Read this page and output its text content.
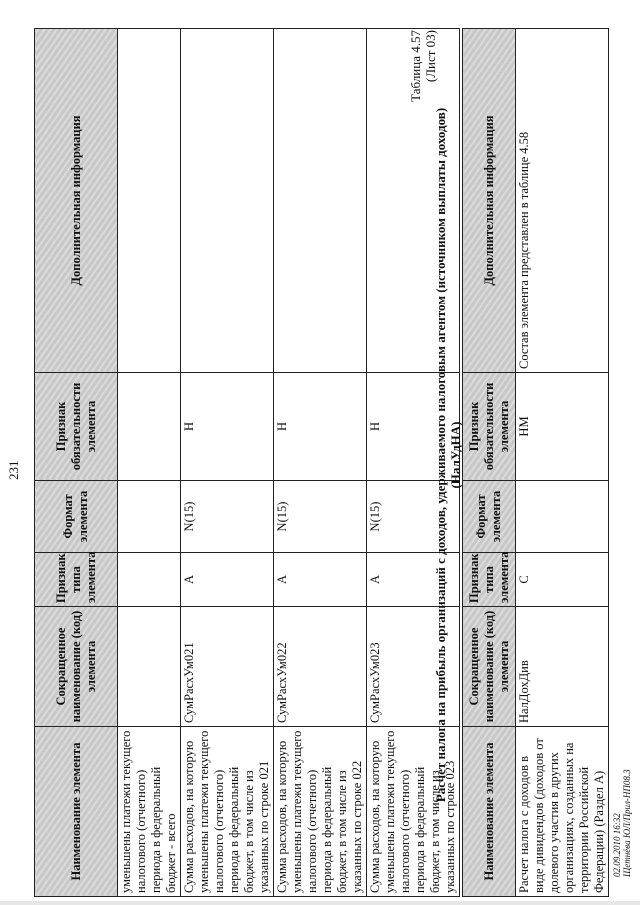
231
Наименование элемента	Сокращенное наименование (код) элемента	Признак типа элемента	Формат элемента	Признак обязательности элемента	Дополнительная информация
уменьшены платежи текущего налогового (отчетного) периода в федеральный бюджет - всего					
Сумма расходов, на которую уменьшены платежи текущего налогового (отчетного) периода в федеральный бюджет, в том числе из указанных по строке 021	СумРасхУм021	А	N(15)	Н	
Сумма расходов, на которую уменьшены платежи текущего налогового (отчетного) периода в федеральный бюджет, в том числе из указанных по строке 022	СумРасхУм022	А	N(15)	Н	
Сумма расходов, на которую уменьшены платежи текущего налогового (отчетного) периода в федеральный бюджет, в том числе из указанных по строке 023	СумРасхУм023	А	N(15)	Н	
Таблица 4.57 (Лист 03)
Расчет налога на прибыль организаций с доходов, удерживаемого налоговым агентом (источником выплаты доходов) (НалУдНА)
Наименование элемента	Сокращенное наименование (код) элемента	Признак типа элемента	Формат элемента	Признак обязательности элемента	Дополнительная информация
Расчет налога с доходов в виде дивидендов (доходов от долевого участия в других организациях, созданных на территории Российской Федерации) (Раздел А)	НалДохДив	С		НМ	Состав элемента представлен в таблице 4.58
02.09.2010 16:32 Щетнёва ЮЛ/Прил-НП08.3
